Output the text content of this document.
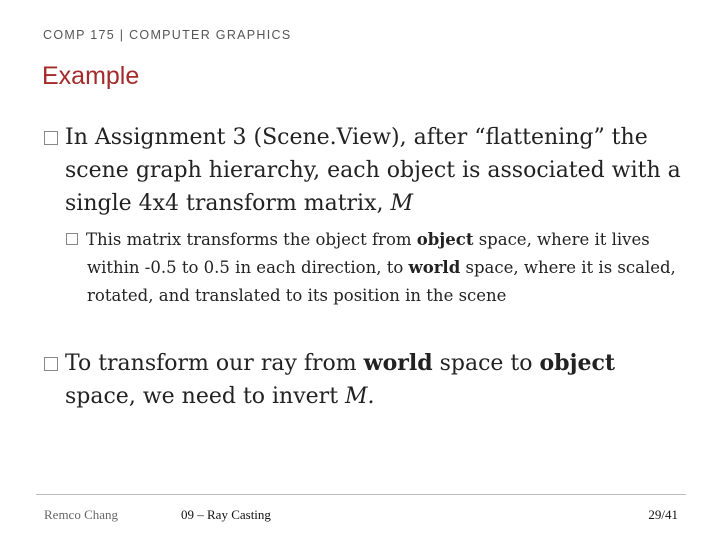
COMP 175 | COMPUTER GRAPHICS
Example
In Assignment 3 (Scene.View), after “flattening” the scene graph hierarchy, each object is associated with a single 4x4 transform matrix, M
This matrix transforms the object from object space, where it lives within -0.5 to 0.5 in each direction, to world space, where it is scaled, rotated, and translated to its position in the scene
To transform our ray from world space to object space, we need to invert M.
Remco Chang	09 – Ray Casting	29/41
